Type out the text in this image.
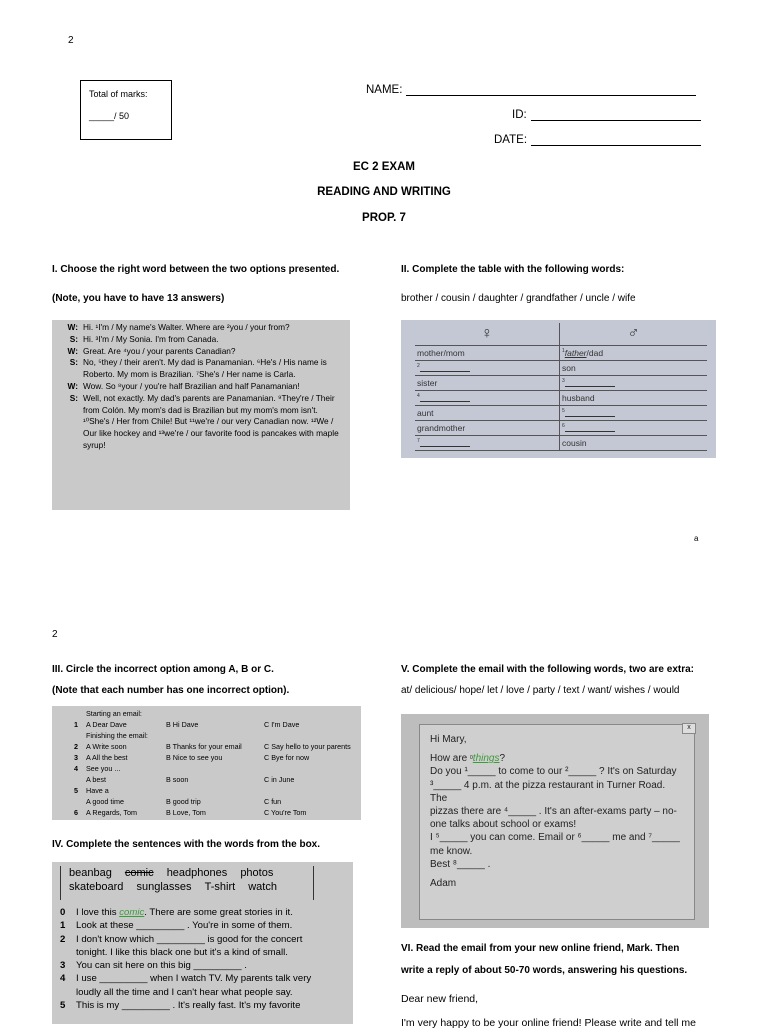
2
Total of marks:
_____/ 50
NAME:
ID:
DATE:
EC 2 EXAM
READING AND WRITING
PROP. 7
I. Choose the right word between the two options presented.
(Note, you have to have 13 answers)
W: Hi. ¹I'm / My name's Walter. Where are ²you / your from?
S: Hi. ³I'm / My Sonia. I'm from Canada.
W: Great. Are ⁴you / your parents Canadian?
S: No, ⁵they / their aren't. My dad is Panamanian. ⁶He's / His name is Roberto. My mom is Brazilian. ⁷She's / Her name is Carla.
W: Wow. So ⁸your / you're half Brazilian and half Panamanian!
S: Well, not exactly. My dad's parents are Panamanian. ⁹They're / Their from Colón. My mom's dad is Brazilian but my mom's mom isn't. ¹⁰She's / Her from Chile! But ¹¹we're / our very Canadian now. ¹²We / Our like hockey and ¹³we're / our favorite food is pancakes with maple syrup!
II. Complete the table with the following words:
brother / cousin / daughter / grandfather / uncle / wife
♀	♂
mother/mom	$^1$father/dad
$^2$	son
sister	$^3$
$^4$	husband
aunt	$^5$
grandmother	$^6$
$^7$	cousin
a
2
III. Circle the incorrect option among A, B or C.
(Note that each number has one incorrect option).
Starting an email:
1 A Dear Dave	B Hi Dave	C I'm Dave
Finishing the email:
2 A Write soon	B Thanks for your email	C Say hello to your parents
3 A All the best	B Nice to see you	C Bye for now
4 See you ...
A best	B soon	C in June
5 Have a
A good time	B good trip	C fun
6 A Regards, Tom	B Love, Tom	C You're Tom
IV. Complete the sentences with the words from the box.
beanbag comic headphones photos
skateboard sunglasses T-shirt watch
0 I love this comic. There are some great stories in it.
1 Look at these _________ . You're in some of them.
2 I don't know which _________ is good for the concert
tonight. I like this black one but it's a kind of small.
3 You can sit here on this big _________ .
4 I use _________ when I watch TV. My parents talk very
loudly all the time and I can't hear what people say.
5 This is my _________ . It's really fast. It's my favorite
V. Complete the email with the following words, two are extra:
at/ delicious/ hope/ let / love / party / text / want/ wishes / would
x
Hi Mary,
How are $^0$things?
Do you ¹_____ to come to our ²_____ ? It's on Saturday
³_____ 4 p.m. at the pizza restaurant in Turner Road. The
pizzas there are ⁴_____ . It's an after-exams party – no-
one talks about school or exams!
I ⁵_____ you can come. Email or ⁶_____ me and ⁷_____
me know.
Best ⁸_____ .
Adam
VI. Read the email from your new online friend, Mark. Then
write a reply of about 50-70 words, answering his questions.
Dear new friend,
I'm very happy to be your online friend! Please write and tell me
